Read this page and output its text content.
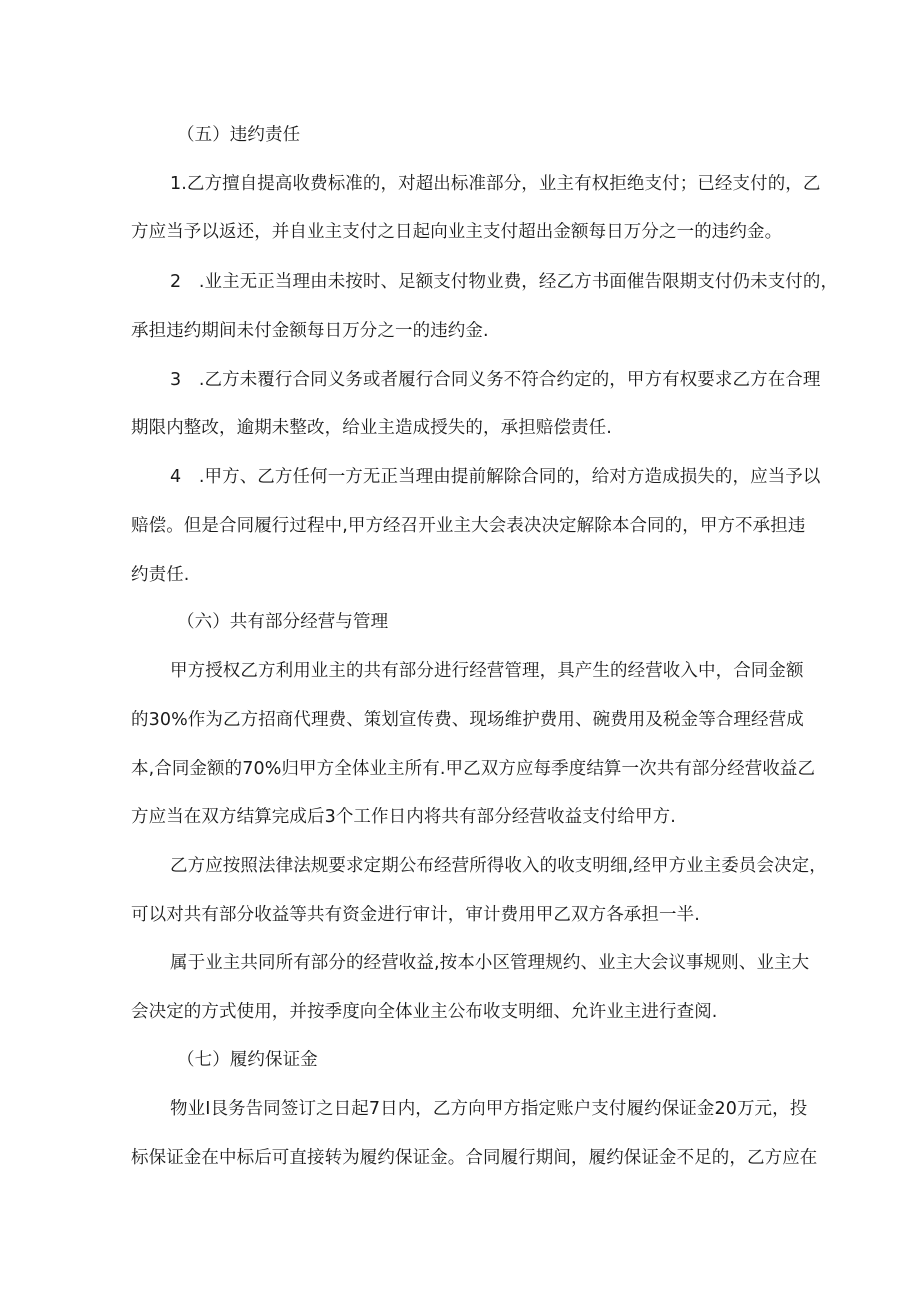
（五）违约责任
1.乙方擅自提高收费标准的，对超出标准部分，业主有权拒绝支付；已经支付的，乙
方应当予以返还，并自业主支付之日起向业主支付超出金额每日万分之一的违约金。
2　.业主无正当理由未按时、足额支付物业费，经乙方书面催告限期支付仍未支付的，
承担违约期间未付金额每日万分之一的违约金.
3　.乙方未覆行合同义务或者履行合同义务不符合约定的，甲方有权要求乙方在合理
期限内整改，逾期未整改，给业主造成授失的，承担赔偿责任.
4　.甲方、乙方任何一方无正当理由提前解除合同的，给对方造成损失的，应当予以
赔偿。但是合同履行过程中,甲方经召开业主大会表决决定解除本合同的，甲方不承担违
约责任.
（六）共有部分经营与管理
甲方授权乙方利用业主的共有部分进行经营管理，具产生的经营收入中，合同金额
的30%作为乙方招商代理费、策划宣传费、现场维护费用、碗费用及税金等合理经营成
本,合同金额的70%归甲方全体业主所有.甲乙双方应每季度结算一次共有部分经营收益乙
方应当在双方结算完成后3个工作日内将共有部分经营收益支付给甲方.
乙方应按照法律法规要求定期公布经营所得收入的收支明细,经甲方业主委员会决定，
可以对共有部分收益等共有资金进行审计，审计费用甲乙双方各承担一半.
属于业主共同所有部分的经营收益,按本小区管理规约、业主大会议事规则、业主大
会决定的方式使用，并按季度向全体业主公布收支明细、允许业主进行查阅.
（七）履约保证金
物业I艮务告同签订之日起7日内，乙方向甲方指定账户支付履约保证金20万元，投
标保证金在中标后可直接转为履约保证金。合同履行期间，履约保证金不足的，乙方应在
